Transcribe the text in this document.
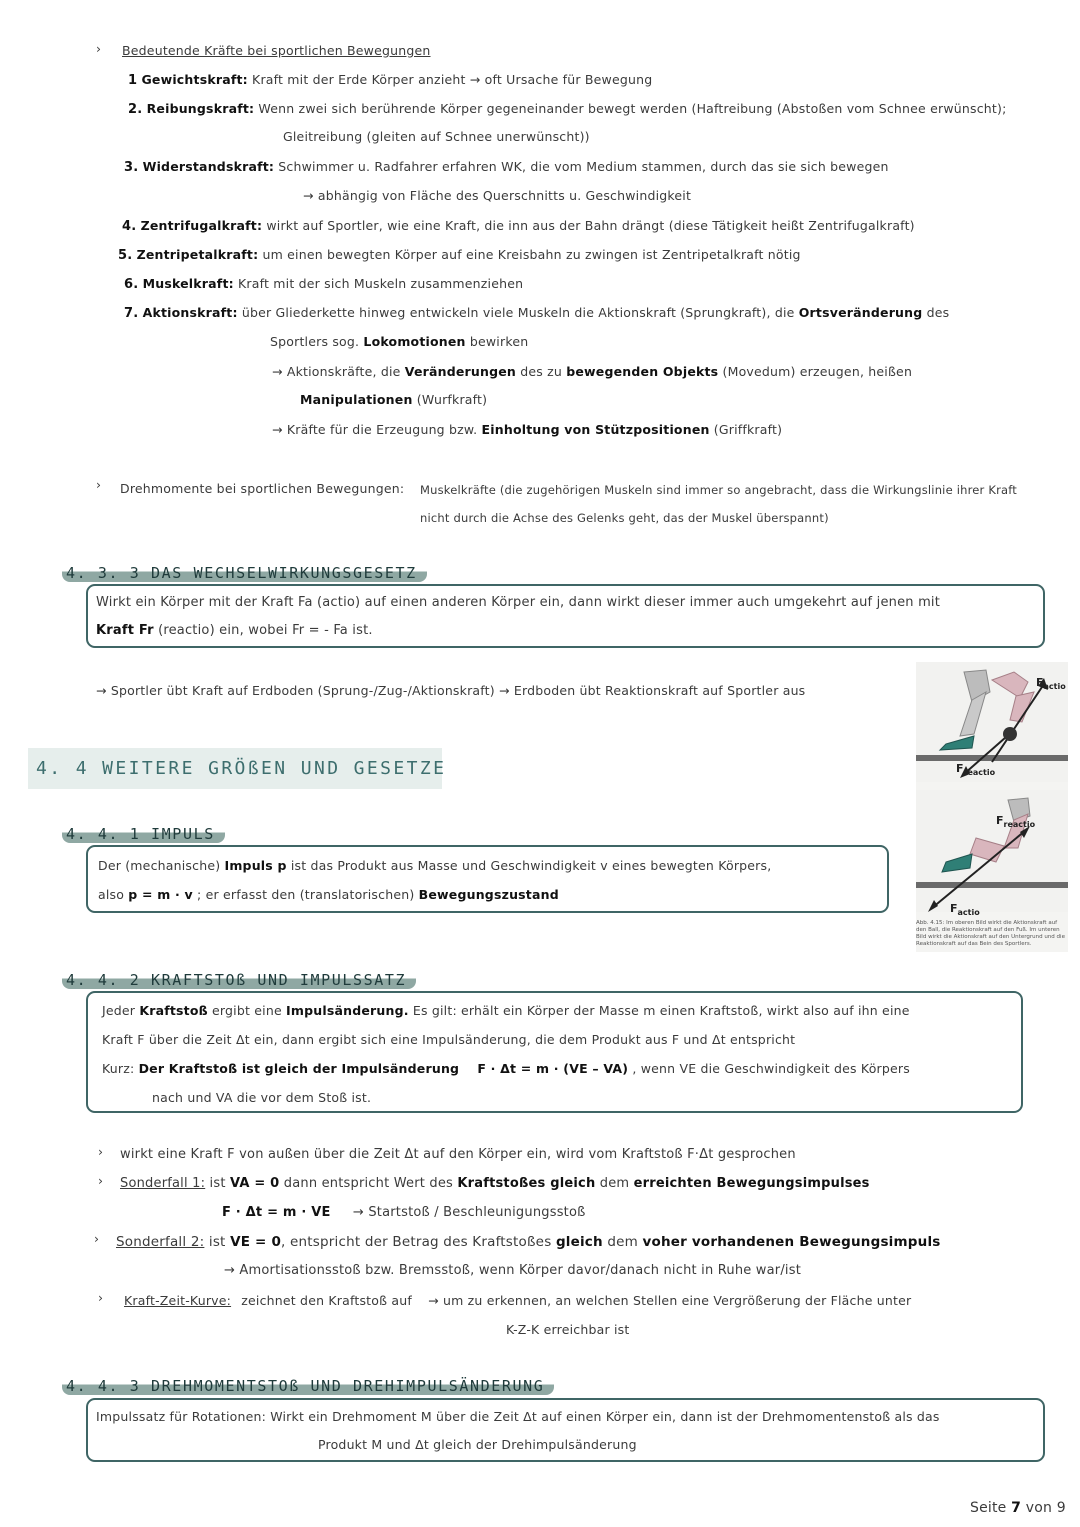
› Bedeutende Kräfte bei sportlichen Bewegungen
1 Gewichtskraft: Kraft mit der Erde Körper anzieht → oft Ursache für Bewegung
2. Reibungskraft: Wenn zwei sich berührende Körper gegeneinander bewegt werden (Haftreibung (Abstoßen vom Schnee erwünscht);
Gleitreibung (gleiten auf Schnee unerwünscht))
3. Widerstandskraft: Schwimmer u. Radfahrer erfahren WK, die vom Medium stammen, durch das sie sich bewegen
→ abhängig von Fläche des Querschnitts u. Geschwindigkeit
4. Zentrifugalkraft: wirkt auf Sportler, wie eine Kraft, die inn aus der Bahn drängt (diese Tätigkeit heißt Zentrifugalkraft)
5. Zentripetalkraft: um einen bewegten Körper auf eine Kreisbahn zu zwingen ist Zentripetalkraft nötig
6. Muskelkraft: Kraft mit der sich Muskeln zusammenziehen
7. Aktionskraft: über Gliederkette hinweg entwickeln viele Muskeln die Aktionskraft (Sprungkraft), die Ortsveränderung des
Sportlers sog. Lokomotionen bewirken
→ Aktionskräfte, die Veränderungen des zu bewegenden Objekts (Movedum) erzeugen, heißen
Manipulationen (Wurfkraft)
→ Kräfte für die Erzeugung bzw. Einholtung von Stützpositionen (Griffkraft)
› Drehmomente bei sportlichen Bewegungen: Muskelkräfte (die zugehörigen Muskeln sind immer so angebracht, dass die Wirkungslinie ihrer Kraft
nicht durch die Achse des Gelenks geht, das der Muskel überspannt)
4. 3. 3 DAS WECHSELWIRKUNGSGESETZ
Wirkt ein Körper mit der Kraft Fa (actio) auf einen anderen Körper ein, dann wirkt dieser immer auch umgekehrt auf jenen mit
Kraft Fr (reactio) ein, wobei Fr = - Fa ist.
→ Sportler übt Kraft auf Erdboden (Sprung-/Zug-/Aktionskraft) → Erdboden übt Reaktionskraft auf Sportler aus
$F_{actio}$
$F_{reactio}$
$F_{reactio}$
$F_{actio}$
Abb. 4.15: Im oberen Bild wirkt die Aktionskraft auf den Ball, die Reaktionskraft auf den Fuß. Im unteren Bild wirkt die Aktionskraft auf den Untergrund und die Reaktionskraft auf das Bein des Sportlers.
4. 4 WEITERE GRÖßEN UND GESETZE
4. 4. 1 IMPULS
Der (mechanische) Impuls p ist das Produkt aus Masse und Geschwindigkeit v eines bewegten Körpers,
also p = m · v ; er erfasst den (translatorischen) Bewegungszustand
4. 4. 2 KRAFTSTOß UND IMPULSSATZ
Jeder Kraftstoß ergibt eine Impulsänderung. Es gilt: erhält ein Körper der Masse m einen Kraftstoß, wirkt also auf ihn eine
Kraft F über die Zeit Δt ein, dann ergibt sich eine Impulsänderung, die dem Produkt aus F und Δt entspricht
Kurz: Der Kraftstoß ist gleich der Impulsänderung F · Δt = m · (VE – VA) , wenn VE die Geschwindigkeit des Körpers
nach und VA die vor dem Stoß ist.
› wirkt eine Kraft F von außen über die Zeit Δt auf den Körper ein, wird vom Kraftstoß F·Δt gesprochen
› Sonderfall 1: ist VA = 0 dann entspricht Wert des Kraftstoßes gleich dem erreichten Bewegungsimpulses
F · Δt = m · VE → Startstoß / Beschleunigungsstoß
› Sonderfall 2: ist VE = 0, entspricht der Betrag des Kraftstoßes gleich dem voher vorhandenen Bewegungsimpuls
→ Amortisationsstoß bzw. Bremsstoß, wenn Körper davor/danach nicht in Ruhe war/ist
› Kraft-Zeit-Kurve: zeichnet den Kraftstoß auf → um zu erkennen, an welchen Stellen eine Vergrößerung der Fläche unter
K-Z-K erreichbar ist
4. 4. 3 DREHMOMENTSTOß UND DREHIMPULSÄNDERUNG
Impulssatz für Rotationen: Wirkt ein Drehmoment M über die Zeit Δt auf einen Körper ein, dann ist der Drehmomentenstoß als das
Produkt M und Δt gleich der Drehimpulsänderung
Seite 7 von 9
